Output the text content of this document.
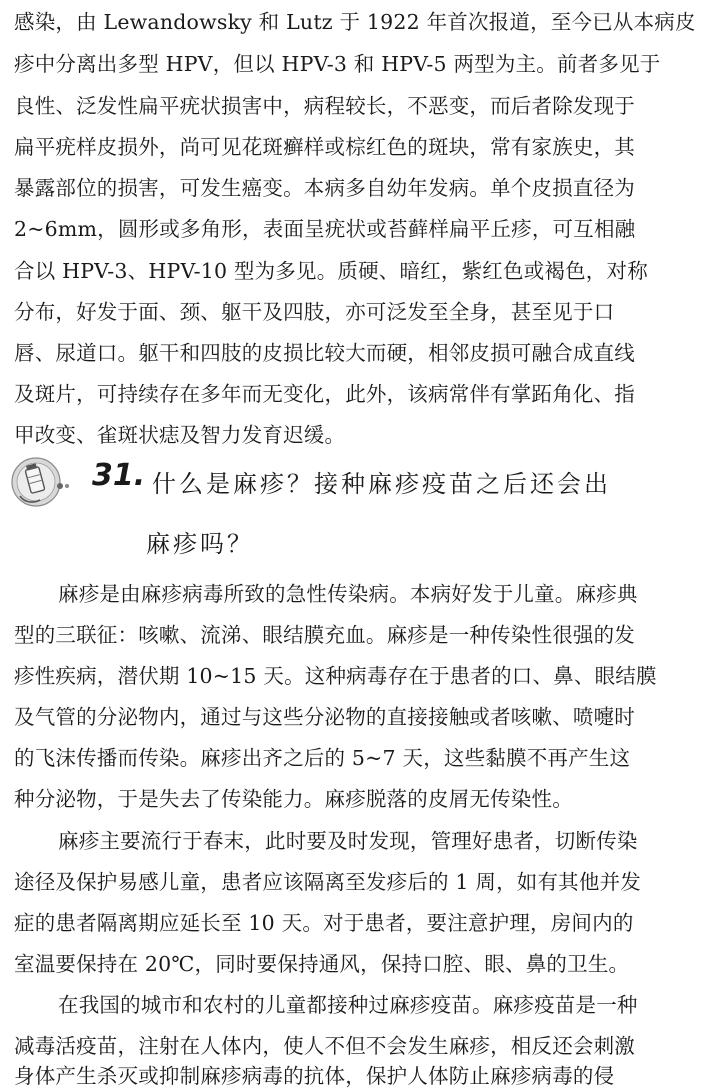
感染，由 Lewandowsky 和 Lutz 于 1922 年首次报道，至今已从本病皮
疹中分离出多型 HPV，但以 HPV-3 和 HPV-5 两型为主。前者多见于
良性、泛发性扁平疣状损害中，病程较长，不恶变，而后者除发现于
扁平疣样皮损外，尚可见花斑癣样或棕红色的斑块，常有家族史，其
暴露部位的损害，可发生癌变。本病多自幼年发病。单个皮损直径为
2~6mm，圆形或多角形，表面呈疣状或苔藓样扁平丘疹，可互相融
合以 HPV-3、HPV-10 型为多见。质硬、暗红，紫红色或褐色，对称
分布，好发于面、颈、躯干及四肢，亦可泛发至全身，甚至见于口
唇、尿道口。躯干和四肢的皮损比较大而硬，相邻皮损可融合成直线
及斑片，可持续存在多年而无变化，此外，该病常伴有掌跖角化、指
甲改变、雀斑状痣及智力发育迟缓。
31. 什么是麻疹？接种麻疹疫苗之后还会出
麻疹吗？
麻疹是由麻疹病毒所致的急性传染病。本病好发于儿童。麻疹典
型的三联征：咳嗽、流涕、眼结膜充血。麻疹是一种传染性很强的发
疹性疾病，潜伏期 10~15 天。这种病毒存在于患者的口、鼻、眼结膜
及气管的分泌物内，通过与这些分泌物的直接接触或者咳嗽、喷嚏时
的飞沫传播而传染。麻疹出齐之后的 5~7 天，这些黏膜不再产生这
种分泌物，于是失去了传染能力。麻疹脱落的皮屑无传染性。
麻疹主要流行于春末，此时要及时发现，管理好患者，切断传染
途径及保护易感儿童，患者应该隔离至发疹后的 1 周，如有其他并发
症的患者隔离期应延长至 10 天。对于患者，要注意护理，房间内的
室温要保持在 20℃，同时要保持通风，保持口腔、眼、鼻的卫生。
在我国的城市和农村的儿童都接种过麻疹疫苗。麻疹疫苗是一种
减毒活疫苗，注射在人体内，使人不但不会发生麻疹，相反还会刺激
身体产生杀灭或抑制麻疹病毒的抗体，保护人体防止麻疹病毒的侵
